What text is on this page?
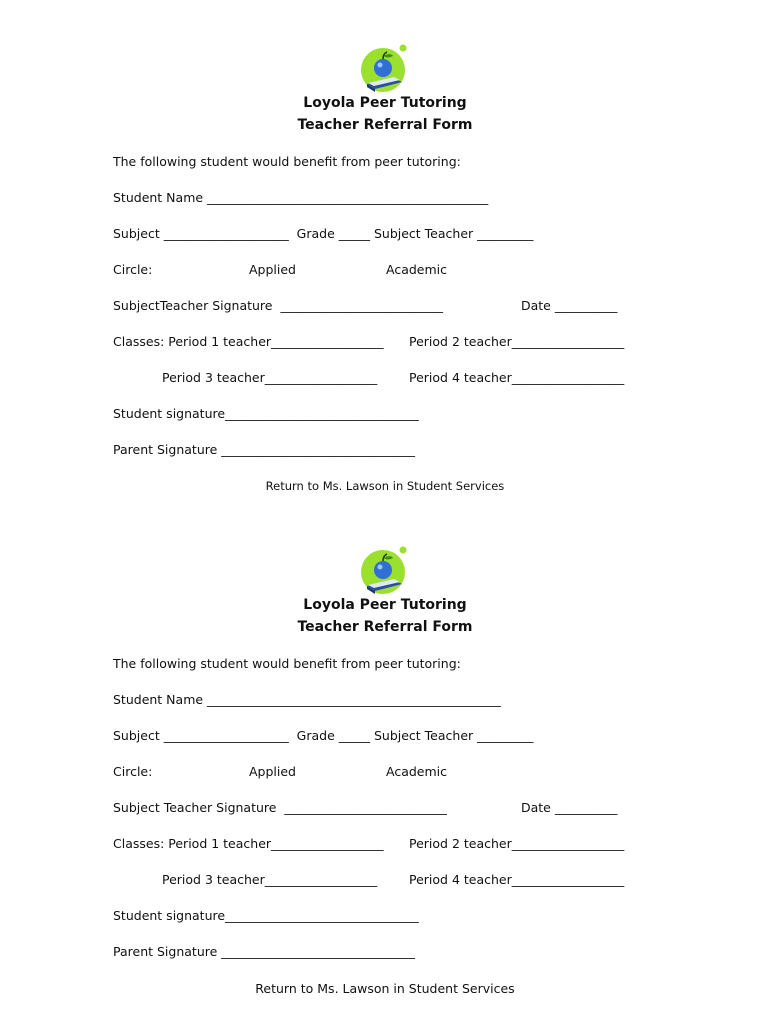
Loyola Peer Tutoring
Teacher Referral Form
The following student would benefit from peer tutoring:
Student Name _____________________________________________
Subject ____________________  Grade _____ Subject Teacher _________
Circle:	Applied	Academic
SubjectTeacher Signature  __________________________	Date __________
Classes: Period 1 teacher__________________ Period 2 teacher__________________
Period 3 teacher__________________	Period 4 teacher__________________
Student signature_______________________________
Parent Signature _______________________________
Return to Ms. Lawson in Student Services
Loyola Peer Tutoring
Teacher Referral Form
The following student would benefit from peer tutoring:
Student Name _______________________________________________
Subject ____________________  Grade _____ Subject Teacher _________
Circle:	Applied	Academic
Subject Teacher Signature  __________________________	Date __________
Classes: Period 1 teacher__________________ Period 2 teacher__________________
Period 3 teacher__________________	Period 4 teacher__________________
Student signature_______________________________
Parent Signature _______________________________
Return to Ms. Lawson in Student Services
